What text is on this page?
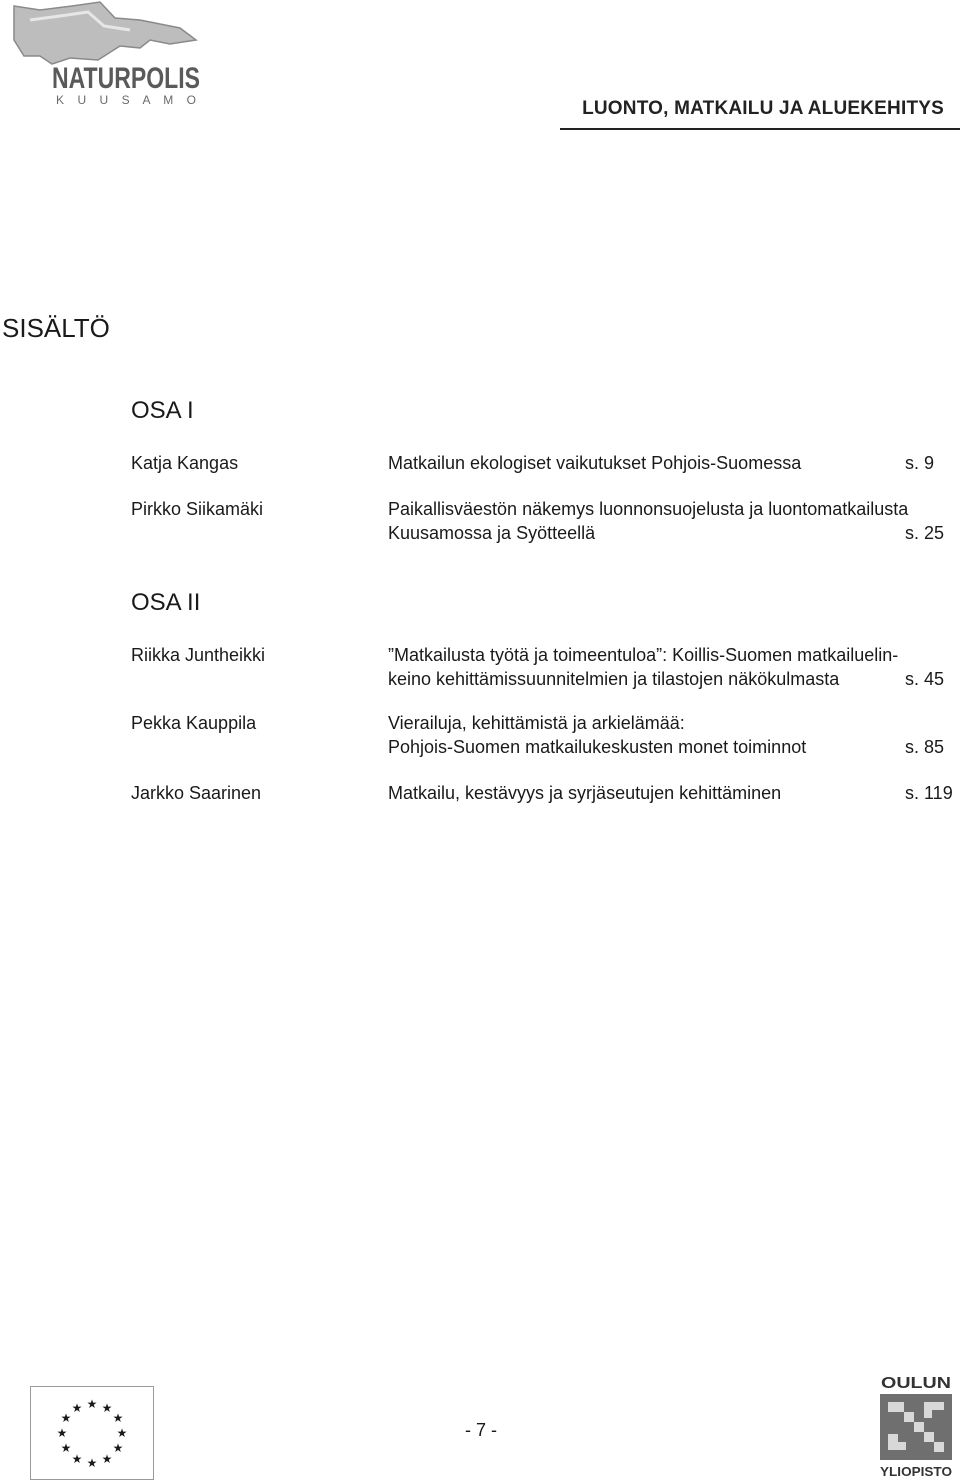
NATURPOLIS
K U U S A M O	LUONTO, MATKAILU JA ALUEKEHITYS
SISÄLTÖ
OSA I
Katja Kangas	Matkailun ekologiset vaikutukset Pohjois-Suomessa	s. 9
Pirkko Siikamäki	Paikallisväestön näkemys luonnonsuojelusta ja luontomatkailusta
Kuusamossa ja Syötteellä	s. 25
OSA II
Riikka Juntheikki	”Matkailusta työtä ja toimeentuloa”: Koillis-Suomen matkailuelin-
keino kehittämissuunnitelmien ja tilastojen näkökulmasta	s. 45
Pekka Kauppila	Vierailuja, kehittämistä ja arkielämää:
Pohjois-Suomen matkailukeskusten monet toiminnot	s. 85
Jarkko Saarinen	Matkailu, kestävyys ja syrjäseutujen kehittäminen	s. 119
★ ★
★
★
★
★
★
★
★
★
★
★
- 7 -
OULUN
YLIOPISTO
